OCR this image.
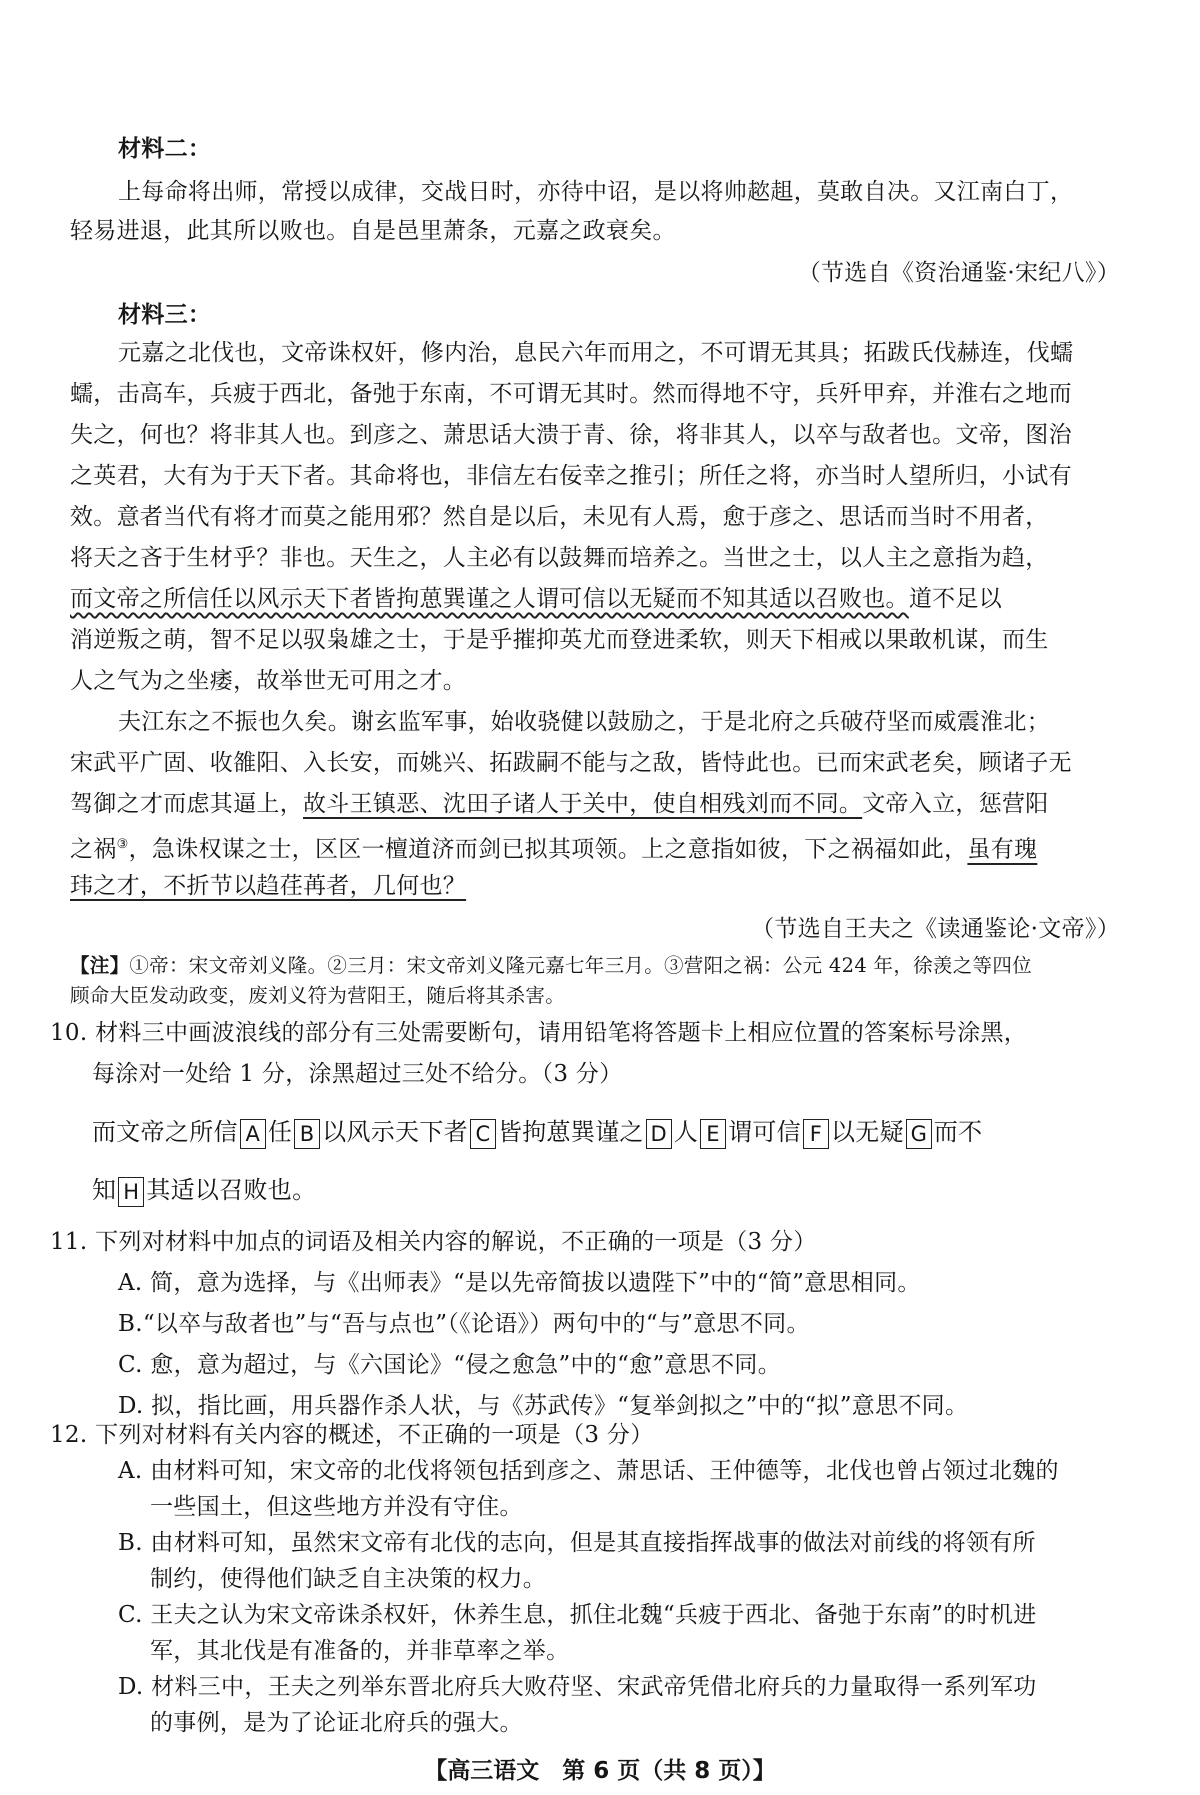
材料二：
上每命将出师，常授以成律，交战日时，亦待中诏，是以将帅趑趄，莫敢自决。又江南白丁，
轻易进退，此其所以败也。自是邑里萧条，元嘉之政衰矣。
（节选自《资治通鉴·宋纪八》）
材料三：
元嘉之北伐也，文帝诛权奸，修内治，息民六年而用之，不可谓无其具；拓跋氏伐赫连，伐蠕
蠕，击高车，兵疲于西北，备弛于东南，不可谓无其时。然而得地不守，兵歼甲弃，并淮右之地而
失之，何也？将非其人也。到彦之、萧思话大溃于青、徐，将非其人，以卒与敌者也。文帝，图治
之英君，大有为于天下者。其命将也，非信左右佞幸之推引；所任之将，亦当时人望所归，小试有
效。意者当代有将才而莫之能用邪？然自是以后，未见有人焉，愈于彦之、思话而当时不用者，
将天之吝于生材乎？非也。天生之，人主必有以鼓舞而培养之。当世之士，以人主之意指为趋，
而文帝之所信任以风示天下者皆拘葸巽谨之人谓可信以无疑而不知其适以召败也。道不足以
消逆叛之萌，智不足以驭枭雄之士，于是乎摧抑英尤而登进柔软，则天下相戒以果敢机谋，而生
人之气为之坐痿，故举世无可用之才。
夫江东之不振也久矣。谢玄监军事，始收骁健以鼓励之，于是北府之兵破苻坚而威震淮北；
宋武平广固、收雒阳、入长安，而姚兴、拓跋嗣不能与之敌，皆恃此也。已而宋武老矣，顾诸子无
驾御之才而虑其逼上，故斗王镇恶、沈田子诸人于关中，使自相残刘而不同。文帝入立，惩营阳
之祸③，急诛权谋之士，区区一檀道济而剑已拟其项领。上之意指如彼，下之祸福如此，虽有瑰
玮之才，不折节以趋荏苒者，几何也？
（节选自王夫之《读通鉴论·文帝》）
【注】①帝：宋文帝刘义隆。②三月：宋文帝刘义隆元嘉七年三月。③营阳之祸：公元 424 年，徐羡之等四位
顾命大臣发动政变，废刘义符为营阳王，随后将其杀害。
10. 材料三中画波浪线的部分有三处需要断句，请用铅笔将答题卡上相应位置的答案标号涂黑，
每涂对一处给 1 分，涂黑超过三处不给分。（3 分）
而文帝之所信 A 任 B 以风示天下者 C 皆拘葸巽谨之 D 人 E 谓可信 F 以无疑 G 而不
知 H 其适以召败也。
11. 下列对材料中加点的词语及相关内容的解说，不正确的一项是（3 分）
A. 简，意为选择，与《出师表》“是以先帝简拔以遗陛下”中的“简”意思相同。
B.“以卒与敌者也”与“吾与点也”（《论语》）两句中的“与”意思不同。
C. 愈，意为超过，与《六国论》“侵之愈急”中的“愈”意思不同。
D. 拟，指比画，用兵器作杀人状，与《苏武传》“复举剑拟之”中的“拟”意思不同。
12. 下列对材料有关内容的概述，不正确的一项是（3 分）
A. 由材料可知，宋文帝的北伐将领包括到彦之、萧思话、王仲德等，北伐也曾占领过北魏的
一些国土，但这些地方并没有守住。
B. 由材料可知，虽然宋文帝有北伐的志向，但是其直接指挥战事的做法对前线的将领有所
制约，使得他们缺乏自主决策的权力。
C. 王夫之认为宋文帝诛杀权奸，休养生息，抓住北魏“兵疲于西北、备弛于东南”的时机进
军，其北伐是有准备的，并非草率之举。
D. 材料三中，王夫之列举东晋北府兵大败苻坚、宋武帝凭借北府兵的力量取得一系列军功
的事例，是为了论证北府兵的强大。
【高三语文　第 6 页（共 8 页）】
